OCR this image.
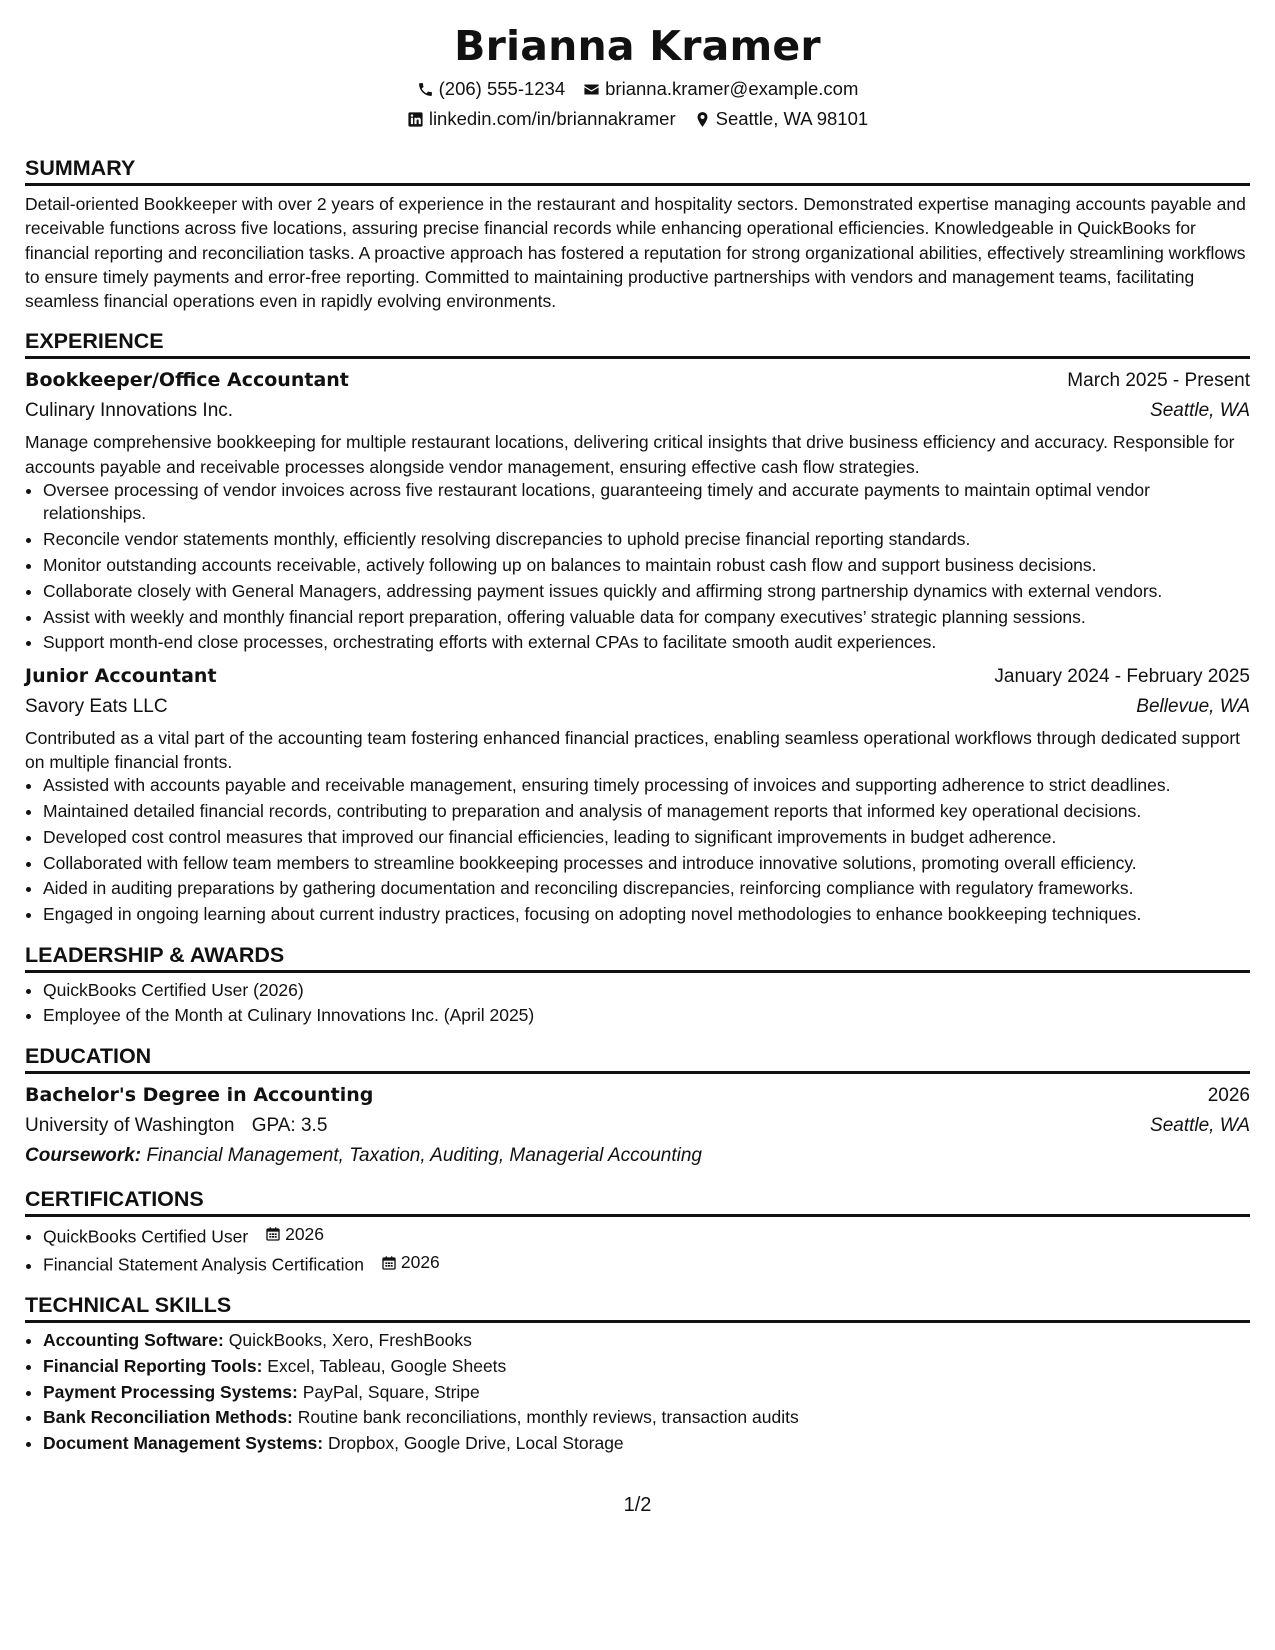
Brianna Kramer
(206) 555-1234 brianna.kramer@example.com
linkedin.com/in/briannakramer Seattle, WA 98101
SUMMARY

Detail-oriented Bookkeeper with over 2 years of experience in the restaurant and hospitality sectors. Demonstrated expertise managing accounts payable and receivable functions across five locations, assuring precise financial records while enhancing operational efficiencies. Knowledgeable in QuickBooks for financial reporting and reconciliation tasks. A proactive approach has fostered a reputation for strong organizational abilities, effectively streamlining workflows to ensure timely payments and error-free reporting. Committed to maintaining productive partnerships with vendors and management teams, facilitating seamless financial operations even in rapidly evolving environments.

EXPERIENCE
Bookkeeper/Office Accountant	March 2025 - Present
Culinary Innovations Inc.	Seattle, WA

Manage comprehensive bookkeeping for multiple restaurant locations, delivering critical insights that drive business efficiency and accuracy. Responsible for accounts payable and receivable processes alongside vendor management, ensuring effective cash flow strategies.

• Oversee processing of vendor invoices across five restaurant locations, guaranteeing timely and accurate payments to maintain optimal vendor relationships.
• Reconcile vendor statements monthly, efficiently resolving discrepancies to uphold precise financial reporting standards.
• Monitor outstanding accounts receivable, actively following up on balances to maintain robust cash flow and support business decisions.
• Collaborate closely with General Managers, addressing payment issues quickly and affirming strong partnership dynamics with external vendors.
• Assist with weekly and monthly financial report preparation, offering valuable data for company executives’ strategic planning sessions.
• Support month-end close processes, orchestrating efforts with external CPAs to facilitate smooth audit experiences.
Junior Accountant	January 2024 - February 2025
Savory Eats LLC	Bellevue, WA

Contributed as a vital part of the accounting team fostering enhanced financial practices, enabling seamless operational workflows through dedicated support on multiple financial fronts.

• Assisted with accounts payable and receivable management, ensuring timely processing of invoices and supporting adherence to strict deadlines.
• Maintained detailed financial records, contributing to preparation and analysis of management reports that informed key operational decisions.
• Developed cost control measures that improved our financial efficiencies, leading to significant improvements in budget adherence.
• Collaborated with fellow team members to streamline bookkeeping processes and introduce innovative solutions, promoting overall efficiency.
• Aided in auditing preparations by gathering documentation and reconciling discrepancies, reinforcing compliance with regulatory frameworks.
• Engaged in ongoing learning about current industry practices, focusing on adopting novel methodologies to enhance bookkeeping techniques.
LEADERSHIP & AWARDS
• QuickBooks Certified User (2026)
• Employee of the Month at Culinary Innovations Inc. (April 2025)
EDUCATION
Bachelor's Degree in Accounting	2026
University of Washington GPA: 3.5	Seattle, WA
Coursework: Financial Management, Taxation, Auditing, Managerial Accounting
CERTIFICATIONS
• QuickBooks Certified User 2026
• Financial Statement Analysis Certification 2026
TECHNICAL SKILLS
• Accounting Software: QuickBooks, Xero, FreshBooks
• Financial Reporting Tools: Excel, Tableau, Google Sheets
• Payment Processing Systems: PayPal, Square, Stripe
• Bank Reconciliation Methods: Routine bank reconciliations, monthly reviews, transaction audits
• Document Management Systems: Dropbox, Google Drive, Local Storage
1/2
